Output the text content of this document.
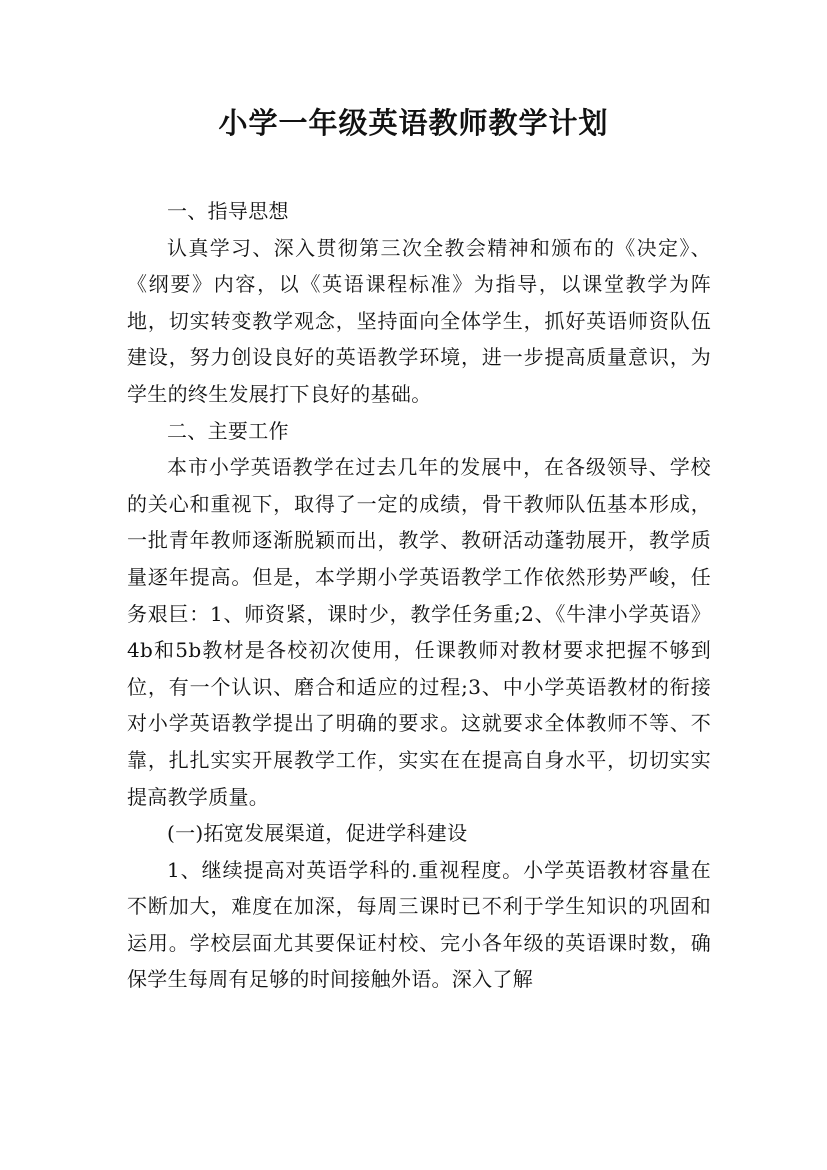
小学一年级英语教师教学计划

一、指导思想

认真学习、深入贯彻第三次全教会精神和颁布的《决定》、《纲要》内容，以《英语课程标准》为指导，以课堂教学为阵地，切实转变教学观念，坚持面向全体学生，抓好英语师资队伍建设，努力创设良好的英语教学环境，进一步提高质量意识，为学生的终生发展打下良好的基础。

二、主要工作

本市小学英语教学在过去几年的发展中，在各级领导、学校的关心和重视下，取得了一定的成绩，骨干教师队伍基本形成，一批青年教师逐渐脱颖而出，教学、教研活动蓬勃展开，教学质量逐年提高。但是，本学期小学英语教学工作依然形势严峻，任务艰巨：1、师资紧，课时少，教学任务重;2、《牛津小学英语》4b和5b教材是各校初次使用，任课教师对教材要求把握不够到位，有一个认识、磨合和适应的过程;3、中小学英语教材的衔接对小学英语教学提出了明确的要求。这就要求全体教师不等、不靠，扎扎实实开展教学工作，实实在在提高自身水平，切切实实提高教学质量。

(一)拓宽发展渠道，促进学科建设

1、继续提高对英语学科的.重视程度。小学英语教材容量在不断加大，难度在加深，每周三课时已不利于学生知识的巩固和运用。学校层面尤其要保证村校、完小各年级的英语课时数，确保学生每周有足够的时间接触外语。深入了解
